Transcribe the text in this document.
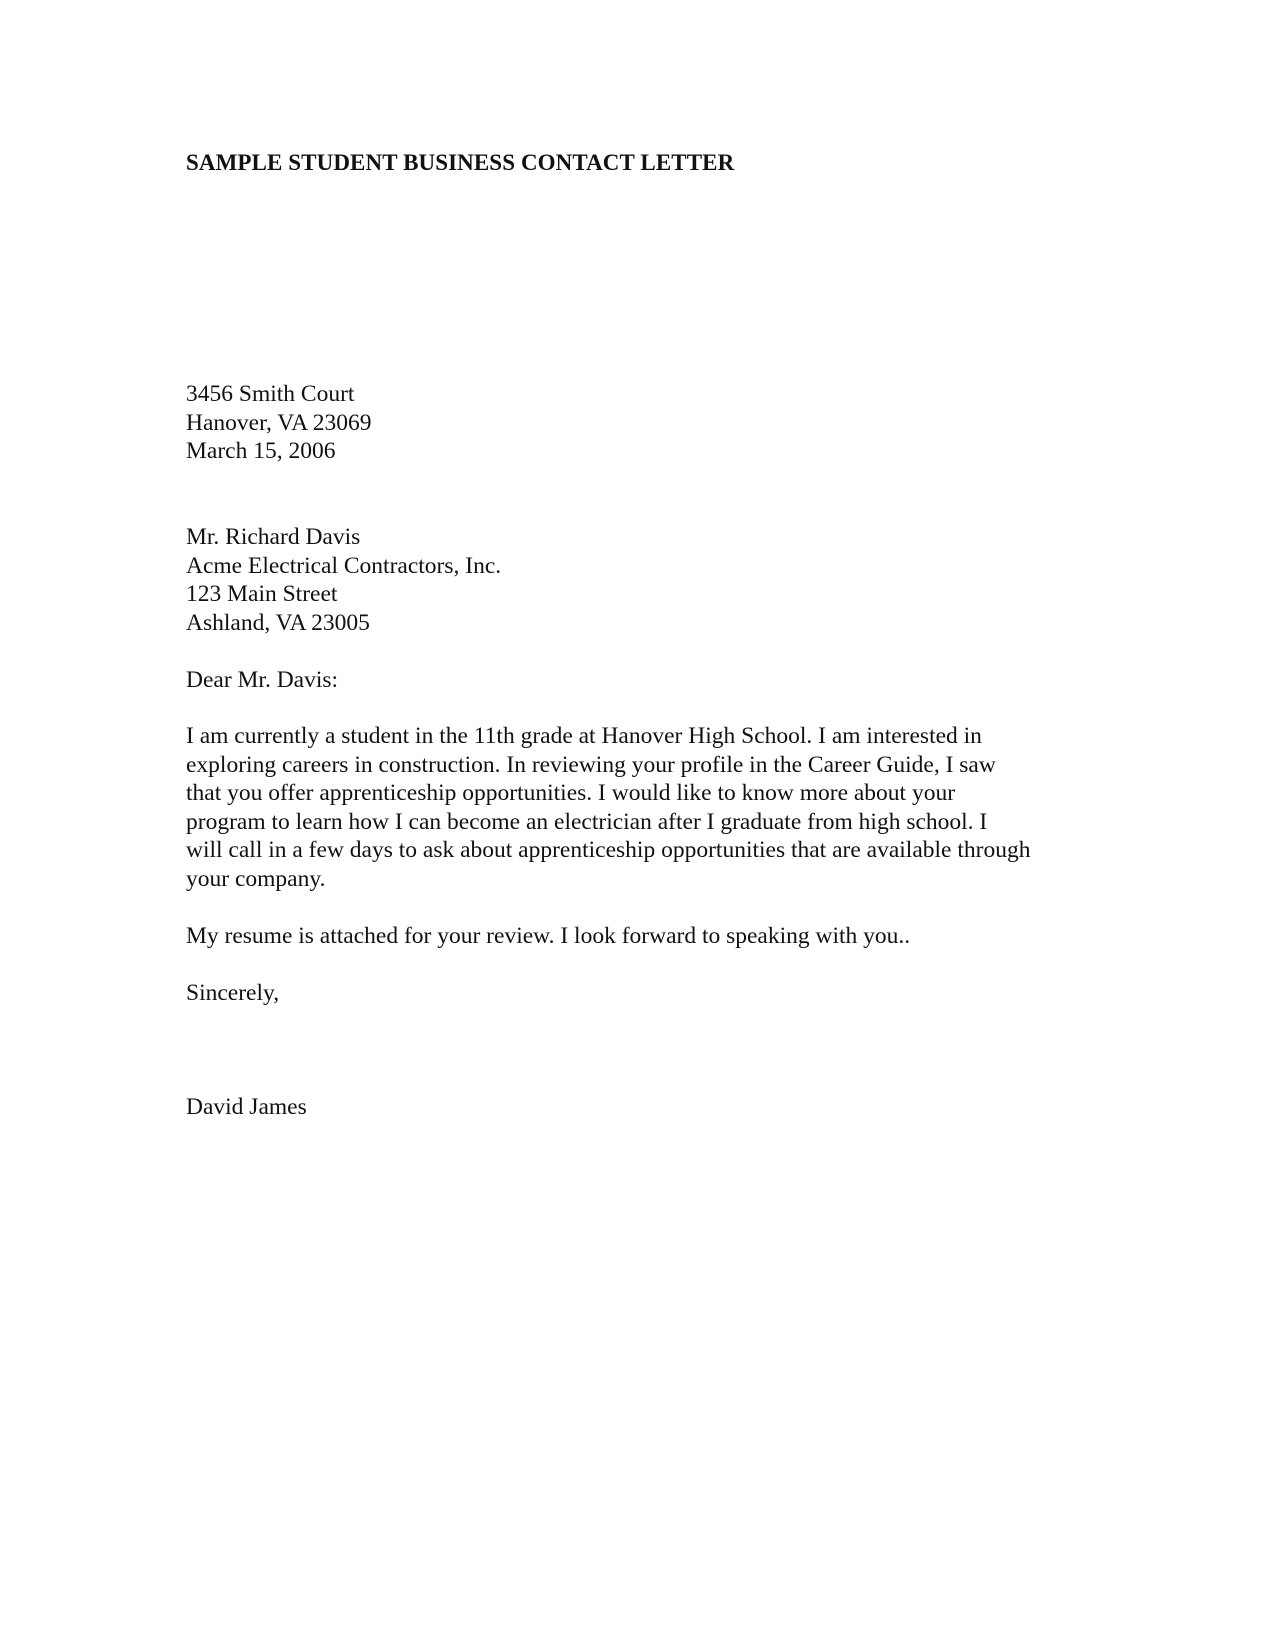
SAMPLE STUDENT BUSINESS CONTACT LETTER
3456 Smith Court
Hanover, VA 23069
March 15, 2006
Mr. Richard Davis
Acme Electrical Contractors, Inc.
123 Main Street
Ashland, VA 23005
Dear Mr. Davis:
I am currently a student in the 11th grade at Hanover High School. I am interested in
exploring careers in construction. In reviewing your profile in the Career Guide, I saw
that you offer apprenticeship opportunities. I would like to know more about your
program to learn how I can become an electrician after I graduate from high school. I
will call in a few days to ask about apprenticeship opportunities that are available through
your company.
My resume is attached for your review. I look forward to speaking with you..
Sincerely,
David James
